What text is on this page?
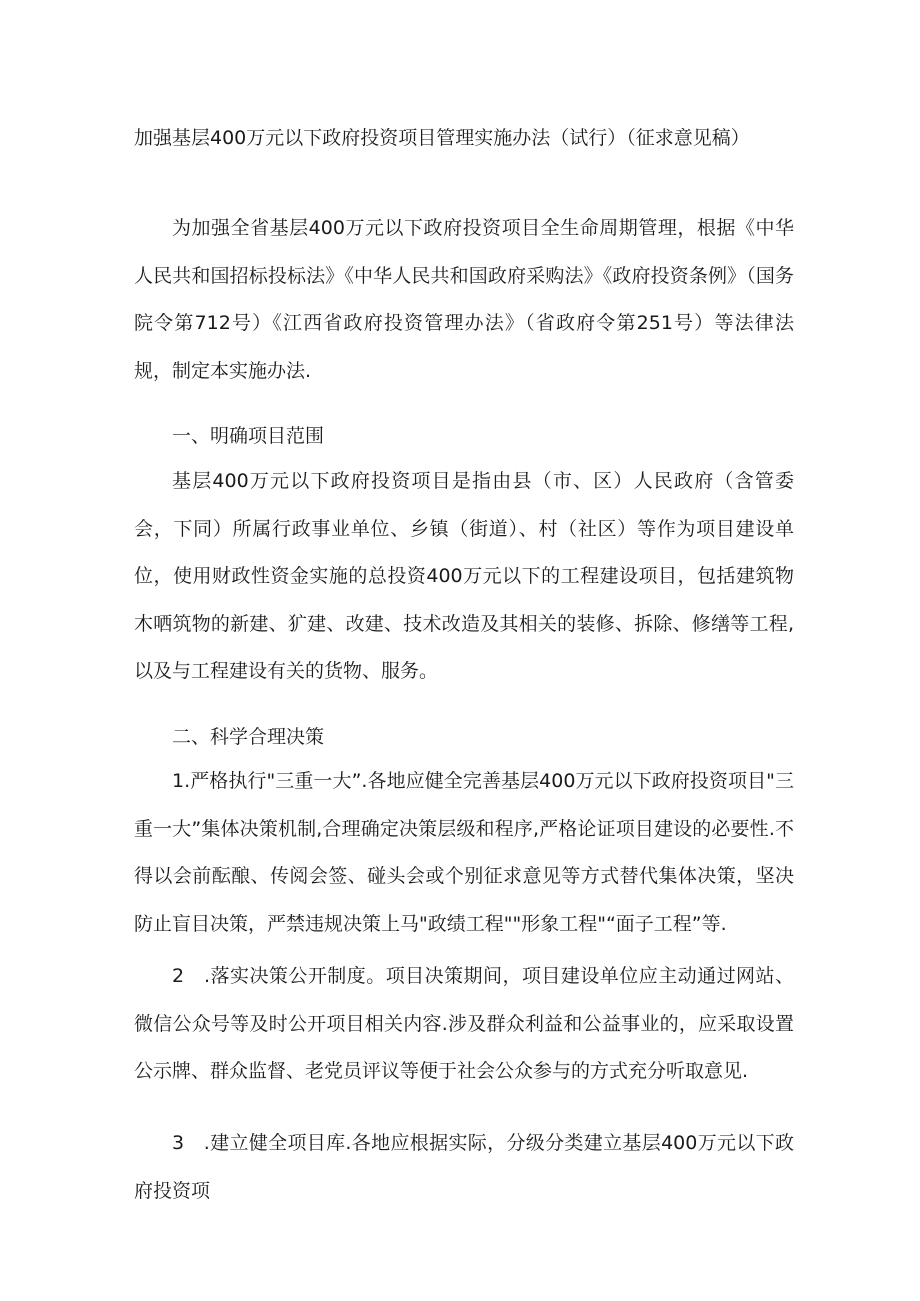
加强基层400万元以下政府投资项目管理实施办法（试行）（征求意见稿）

为加强全省基层400万元以下政府投资项目全生命周期管理，根据《中华人民共和国招标投标法》《中华人民共和国政府采购法》《政府投资条例》（国务院令第712号）《江西省政府投资管理办法》（省政府令第251号）等法律法规，制定本实施办法.

一、明确项目范围

基层400万元以下政府投资项目是指由县（市、区）人民政府（含管委会，下同）所属行政事业单位、乡镇（街道）、村（社区）等作为项目建设单位，使用财政性资金实施的总投资400万元以下的工程建设项目，包括建筑物木哂筑物的新建、犷建、改建、技术改造及其相关的装修、拆除、修缮等工程,以及与工程建设有关的货物、服务。

二、科学合理决策

1.严格执行"三重一大”.各地应健全完善基层400万元以下政府投资项目"三重一大”集体决策机制,合理确定决策层级和程序,严格论证项目建设的必要性.不得以会前酝酿、传阅会签、碰头会或个别征求意见等方式替代集体决策，坚决防止盲目决策，严禁违规决策上马"政绩工程""形象工程"“面子工程”等.

2　.落实决策公开制度。项目决策期间，项目建设单位应主动通过网站、微信公众号等及时公开项目相关内容.涉及群众利益和公益事业的，应采取设置公示牌、群众监督、老党员评议等便于社会公众参与的方式充分听取意见.

3　.建立健全项目库.各地应根据实际，分级分类建立基层400万元以下政府投资项
